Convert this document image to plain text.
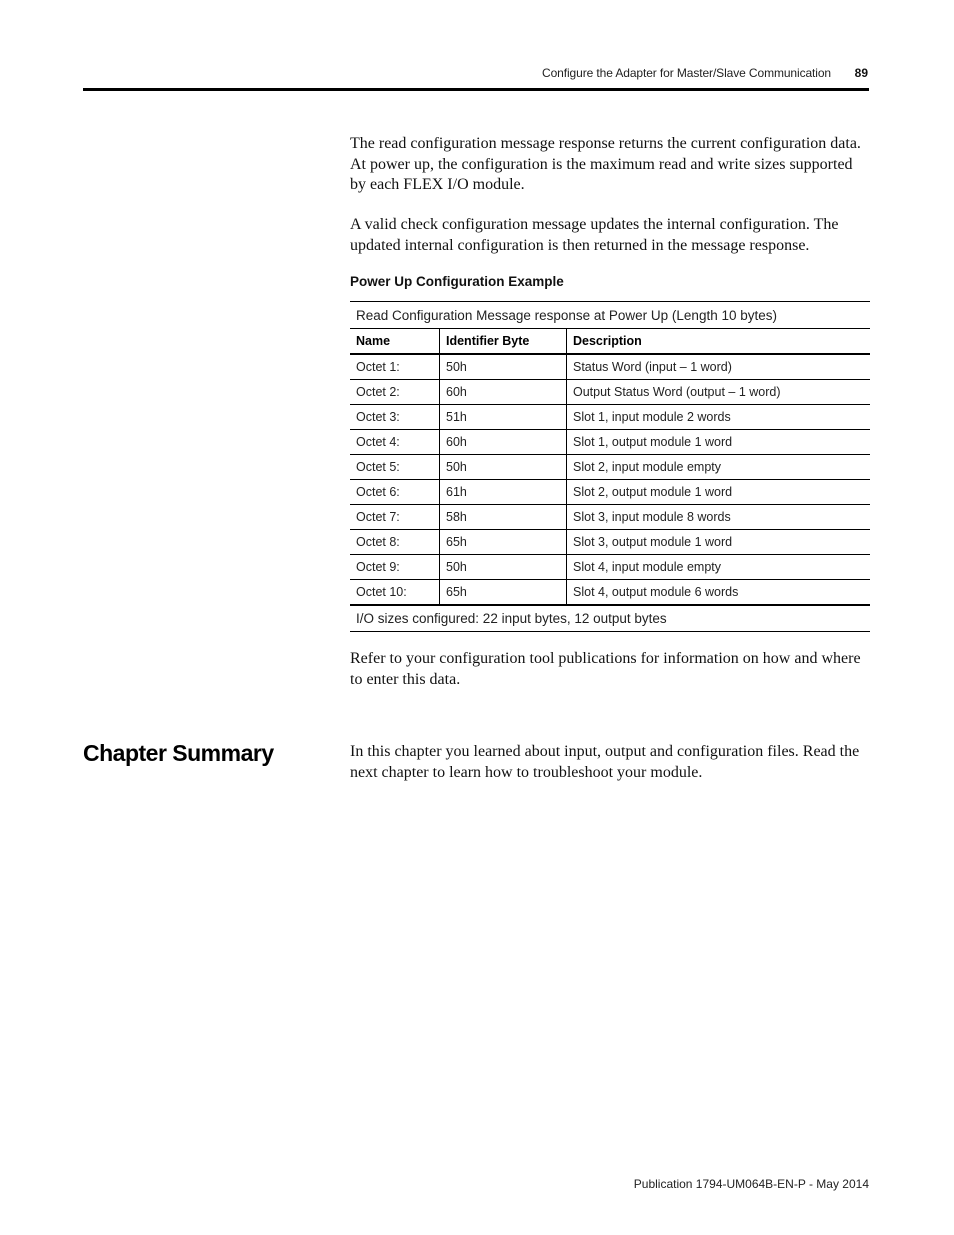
Configure the Adapter for Master/Slave Communication 89

The read configuration message response returns the current configuration data. At power up, the configuration is the maximum read and write sizes supported by each FLEX I/O module.

A valid check configuration message updates the internal configuration. The updated internal configuration is then returned in the message response.

Power Up Configuration Example
Read Configuration Message response at Power Up (Length 10 bytes)		
Name	Identifier Byte	Description
Octet 1:	50h	Status Word (input – 1 word)
Octet 2:	60h	Output Status Word (output – 1 word)
Octet 3:	51h	Slot 1, input module 2 words
Octet 4:	60h	Slot 1, output module 1 word
Octet 5:	50h	Slot 2, input module empty
Octet 6:	61h	Slot 2, output module 1 word
Octet 7:	58h	Slot 3, input module 8 words
Octet 8:	65h	Slot 3, output module 1 word
Octet 9:	50h	Slot 4, input module empty
Octet 10:	65h	Slot 4, output module 6 words
I/O sizes configured: 22 input bytes, 12 output bytes		

Refer to your configuration tool publications for information on how and where to enter this data.

Chapter Summary	In this chapter you learned about input, output and configuration files. Read the next chapter to learn how to troubleshoot your module.

Publication 1794-UM064B-EN-P - May 2014
